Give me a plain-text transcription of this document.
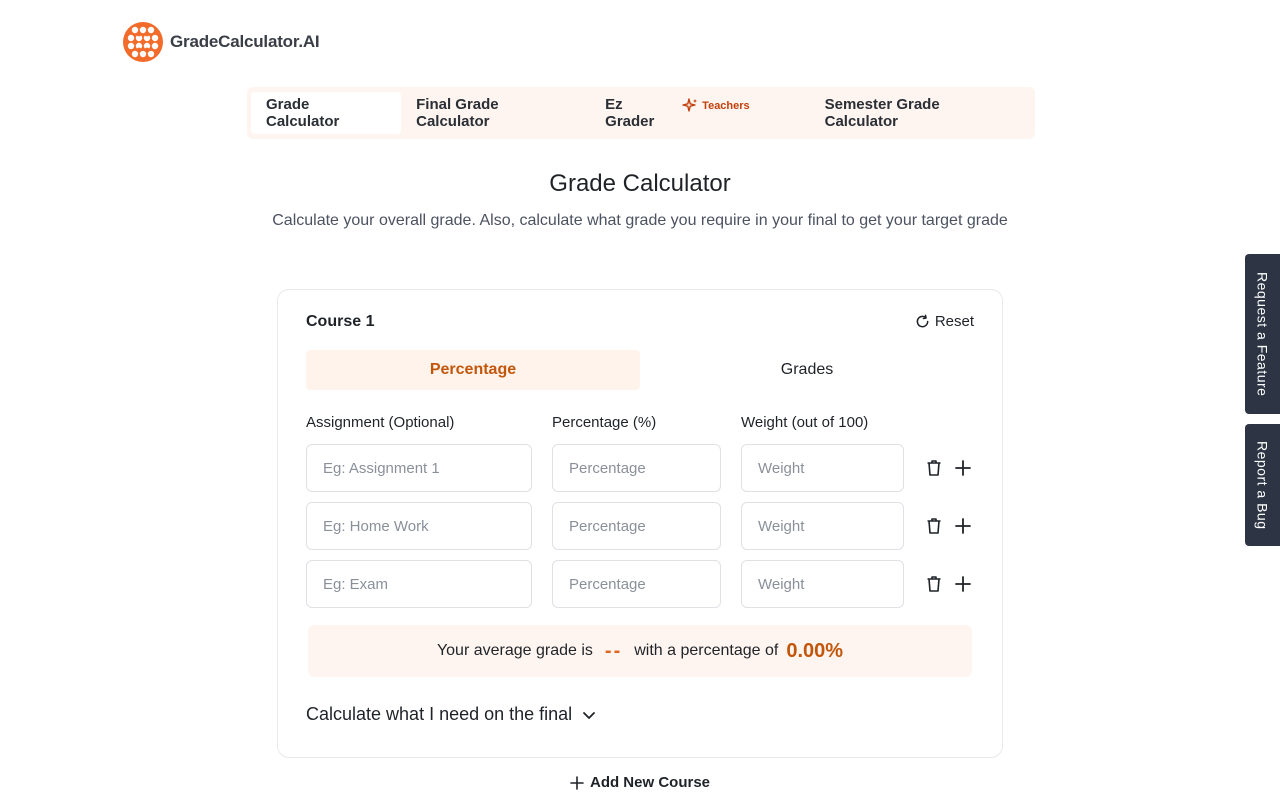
GradeCalculator.AI
Grade Calculator
Final Grade Calculator
Ez Grader
Teachers	Semester Grade Calculator
Grade Calculator

Calculate your overall grade. Also, calculate what grade you require in your final to get your target grade

Course 1	Reset
Percentage	Grades
Assignment (Optional)	Percentage (%)	Weight (out of 100)
Eg: Assignment 1
Percentage
Weight
Eg: Home Work
Percentage
Weight
Eg: Exam
Percentage
Weight
Your average grade is -- with a percentage of 0.00%
Calculate what I need on the final
Add New Course
Request a Feature
Report a Bug
